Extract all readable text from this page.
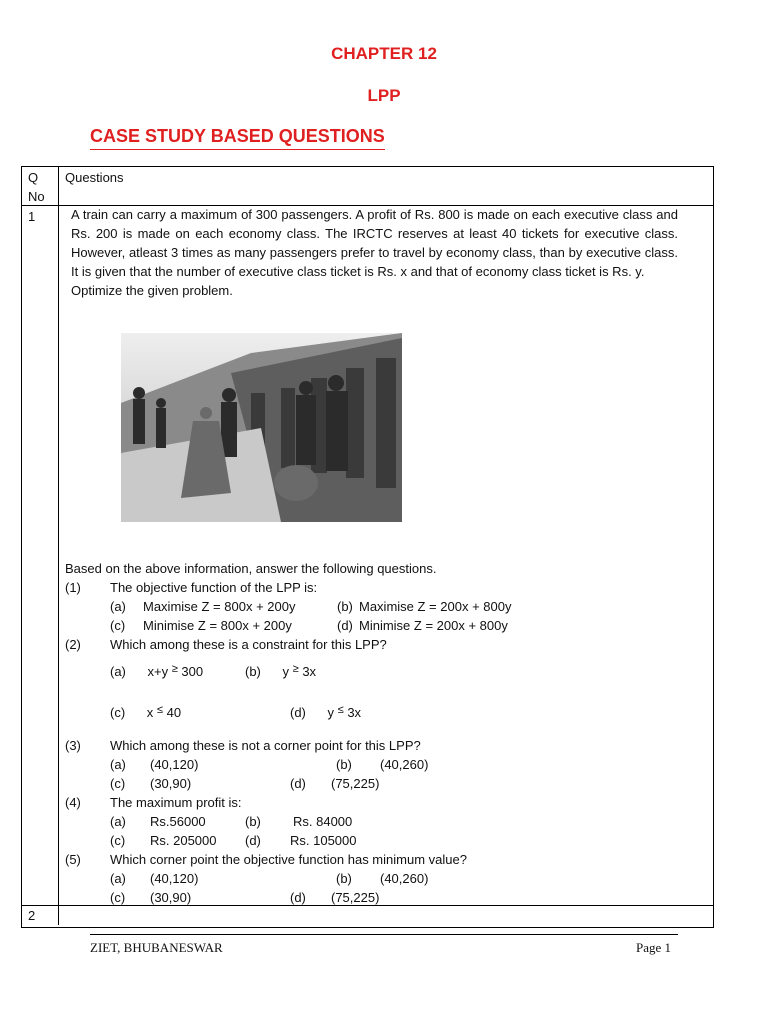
CHAPTER 12
LPP
CASE STUDY BASED QUESTIONS
Q No
Questions
1	A train can carry a maximum of 300 passengers. A profit of Rs. 800 is made on each executive class and Rs. 200 is made on each economy class. The IRCTC reserves at least 40 tickets for executive class. However, atleast 3 times as many passengers prefer to travel by economy class, than by executive class. It is given that the number of executive class ticket is Rs. x and that of economy class ticket is Rs. y.
Optimize the given problem.
Based on the above information, answer the following questions.
(1) The objective function of the LPP is:
(a) Maximise Z = 800x + 200y	(b) Maximise Z = 200x + 800y
(c) Minimise Z = 800x + 200y	(d) Minimise Z = 200x + 800y
(2) Which among these is a constraint for this LPP?
(a) x+y ≥ 300	(b) y ≥ 3x
(c) x ≤ 40	(d) y ≤ 3x
(3) Which among these is not a corner point for this LPP?
(a) (40,120)	(b) (40,260)
(c) (30,90)	(d) (75,225)
(4) The maximum profit is:
(a) Rs.56000	(b) Rs. 84000
(c) Rs. 205000 (d) Rs. 105000
(5) Which corner point the objective function has minimum value?
(a) (40,120)	(b) (40,260)
(c) (30,90)	(d) (75,225)
2
ZIET, BHUBANESWAR	Page 1
